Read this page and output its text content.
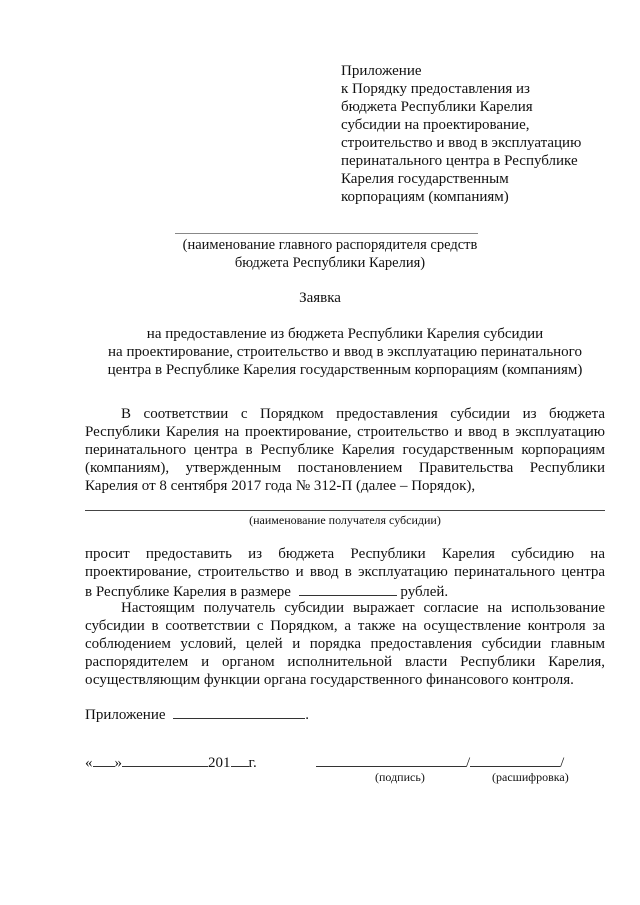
Приложение
к Порядку предоставления из
бюджета Республики Карелия
субсидии на проектирование,
строительство и ввод в эксплуатацию
перинатального центра в Республике
Карелия государственным
корпорациям (компаниям)
(наименование главного распорядителя средств
бюджета Республики Карелия)
Заявка
на предоставление из бюджета Республики Карелия субсидии
на проектирование, строительство и ввод в эксплуатацию перинатального
центра в Республике Карелия государственным корпорациям (компаниям)
В соответствии с Порядком предоставления субсидии из бюджета
Республики Карелия на проектирование, строительство и ввод в эксплуатацию
перинатального центра в Республике Карелия государственным корпорациям
(компаниям), утвержденным постановлением Правительства Республики
Карелия от 8 сентября 2017 года № 312-П (далее – Порядок),
(наименование получателя субсидии)
просит предоставить из бюджета Республики Карелия субсидию на
проектирование, строительство и ввод в эксплуатацию перинатального центра
в Республике Карелия в размере	рублей.
Настоящим получатель субсидии выражает согласие на использование
субсидии в соответствии с Порядком, а также на осуществление контроля за
соблюдением условий, целей и порядка предоставления субсидии главным
распорядителем и органом исполнительной власти Республики Карелия,
осуществляющим функции органа государственного финансового контроля.
Приложение	.
« »	201 г.	/	/
(подпись)	(расшифровка)
